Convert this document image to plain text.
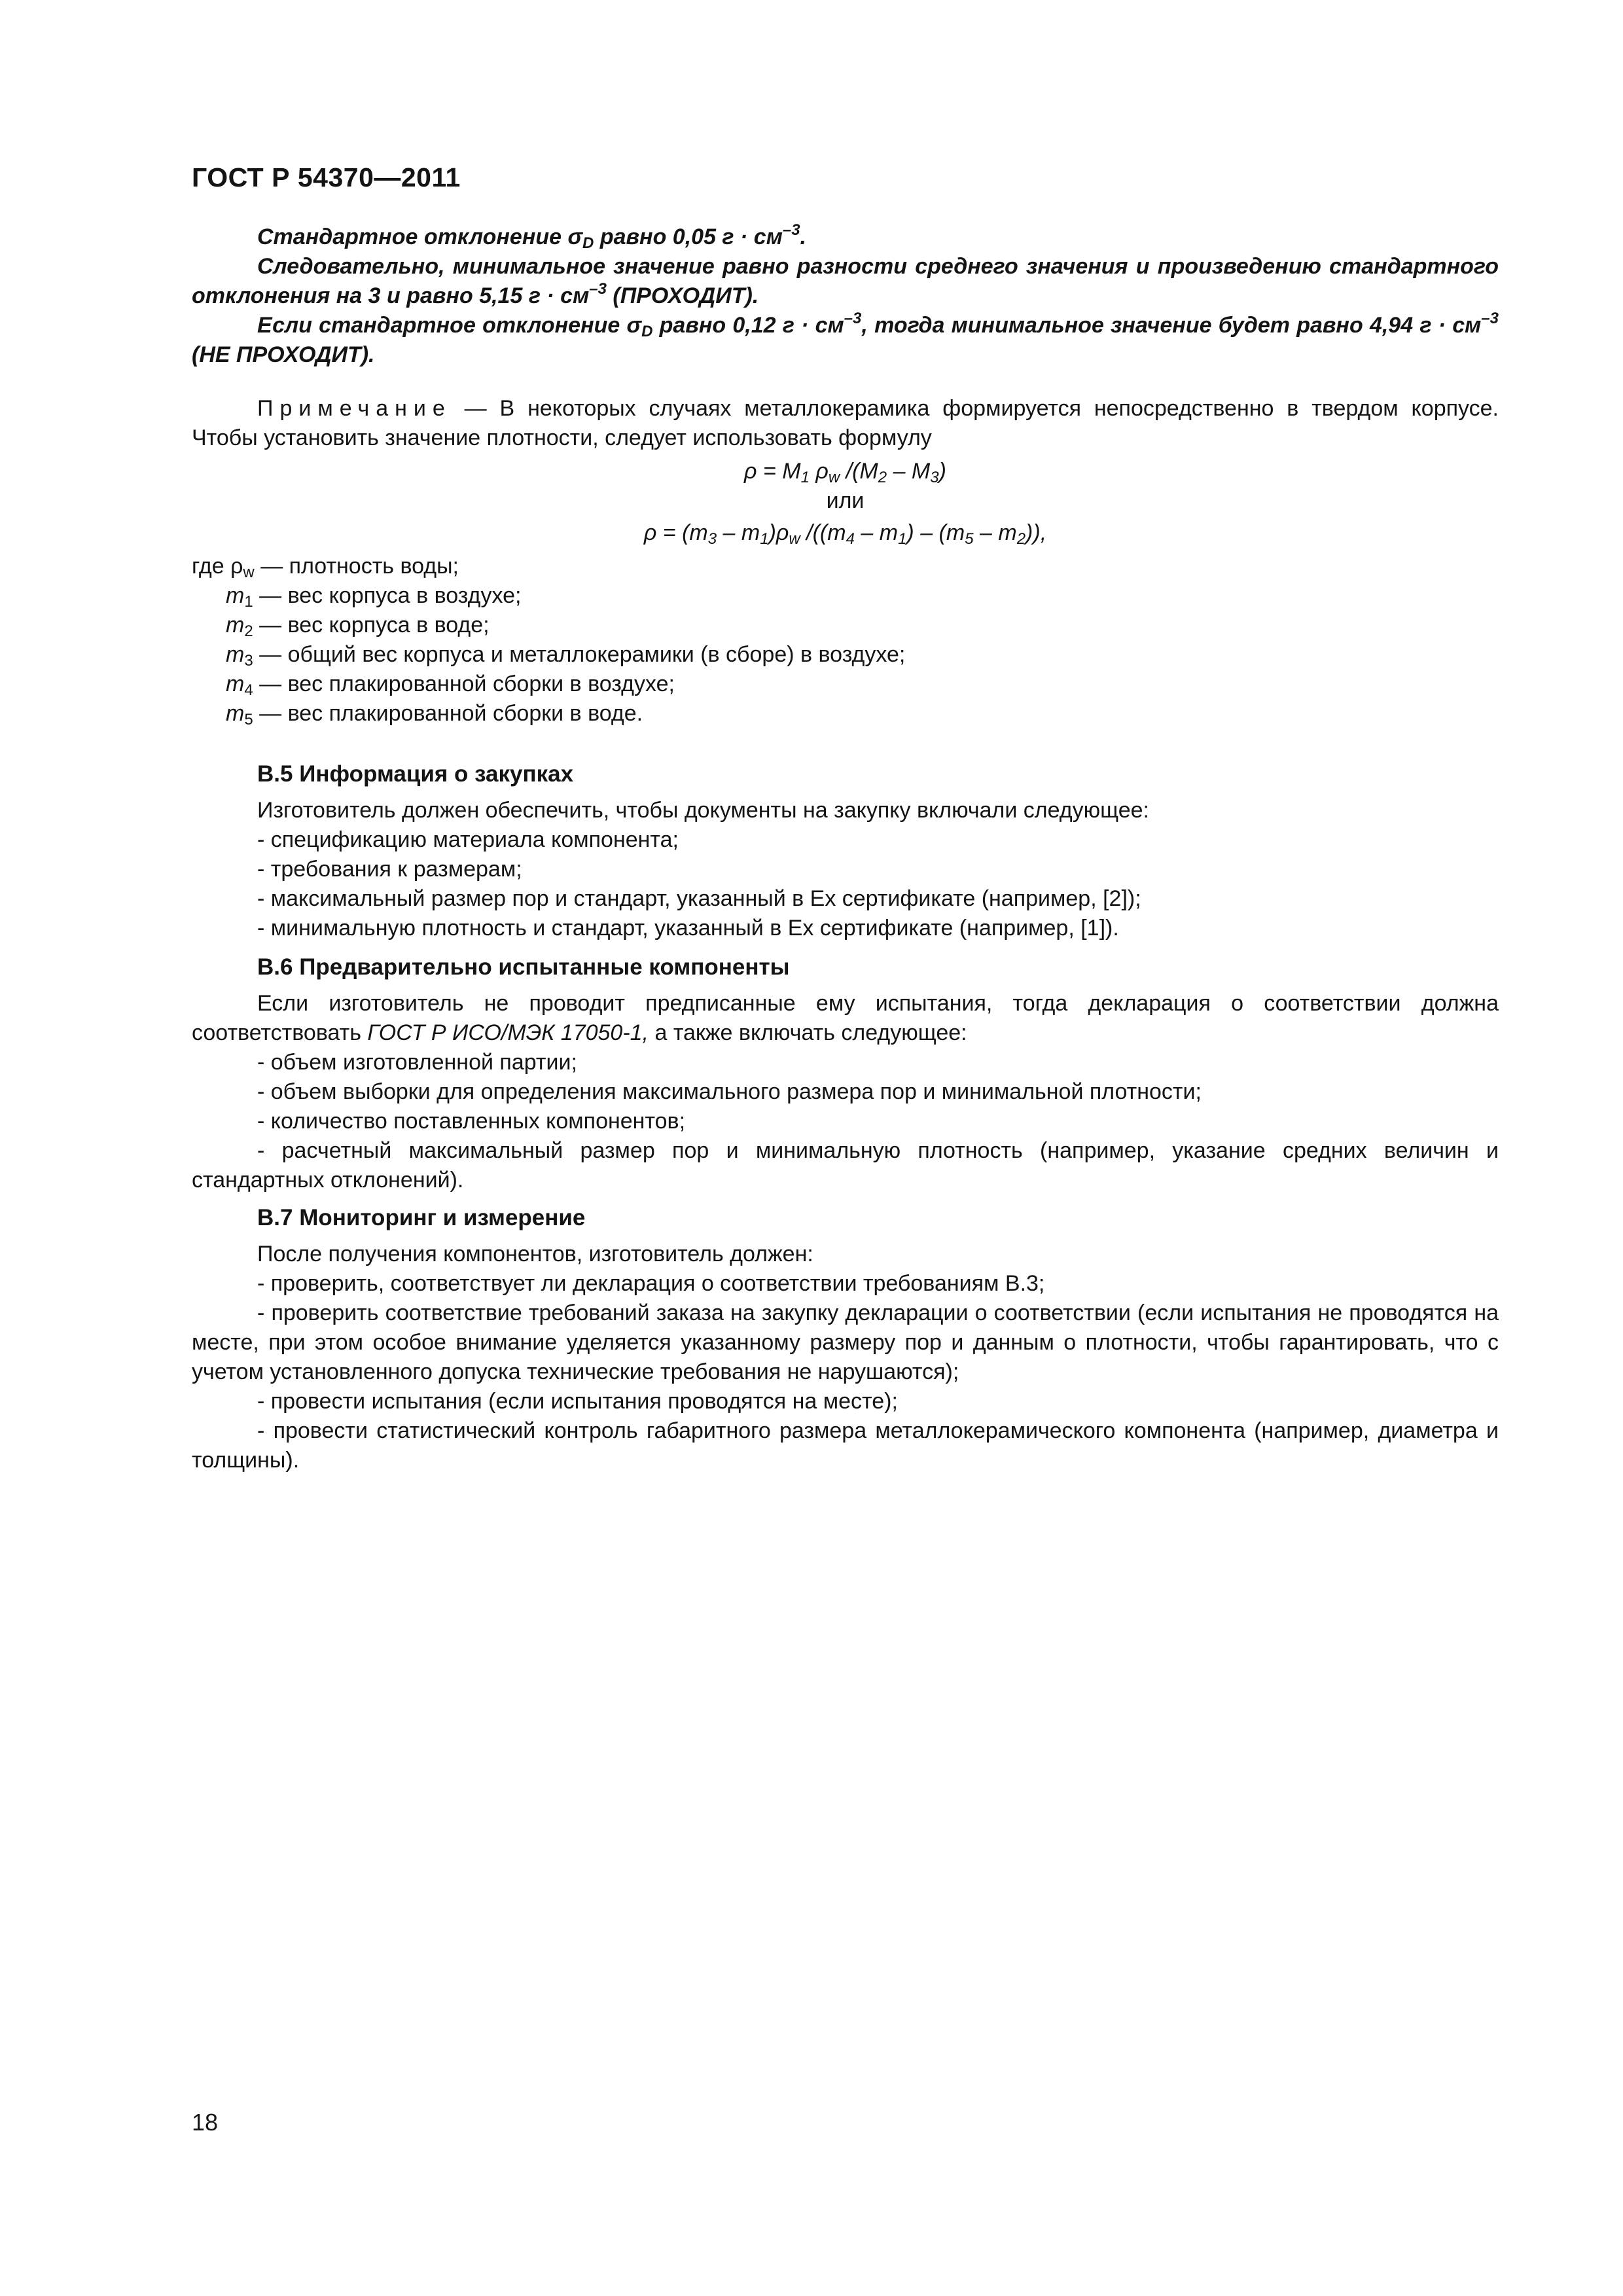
ГОСТ Р 54370—2011

Стандартное отклонение $\sigma_D$ равно 0,05 $г \cdot см^{-3}$.

Следовательно, минимальное значение равно разности среднего значения и произведению стандартного отклонения на 3 и равно 5,15 $г \cdot см^{-3}$ (ПРОХОДИТ).

Если стандартное отклонение $\sigma_D$ равно 0,12 $г \cdot см^{-3}$, тогда минимальное значение будет равно 4,94 $г \cdot см^{-3}$ (НЕ ПРОХОДИТ).

Примечание — В некоторых случаях металлокерамика формируется непосредственно в твердом корпусе. Чтобы установить значение плотности, следует использовать формулу

$\rho = M_1$ $\rho_w$ $/(M_2 - M_3)$

или

$\rho = (m_3 - m_1)\rho_w$ $/((m_4 - m_1) - (m_5 - m_2))$,

где $\rho_w$ — плотность воды;

$m_1$ — вес корпуса в воздухе;

$m_2$ — вес корпуса в воде;

$m_3$ — общий вес корпуса и металлокерамики (в сборе) в воздухе;

$m_4$ — вес плакированной сборки в воздухе;

$m_5$ — вес плакированной сборки в воде.

В.5 Информация о закупках

Изготовитель должен обеспечить, чтобы документы на закупку включали следующее:

- спецификацию материала компонента;

- требования к размерам;

- максимальный размер пор и стандарт, указанный в Ex сертификате (например, [2]);

- минимальную плотность и стандарт, указанный в Ex сертификате (например, [1]).

В.6 Предварительно испытанные компоненты

Если изготовитель не проводит предписанные ему испытания, тогда декларация о соответствии должна соответствовать ГОСТ Р ИСО/МЭК 17050-1, а также включать следующее:

- объем изготовленной партии;

- объем выборки для определения максимального размера пор и минимальной плотности;

- количество поставленных компонентов;

- расчетный максимальный размер пор и минимальную плотность (например, указание средних величин и стандартных отклонений).

В.7 Мониторинг и измерение

После получения компонентов, изготовитель должен:

- проверить, соответствует ли декларация о соответствии требованиям В.3;

- проверить соответствие требований заказа на закупку декларации о соответствии (если испытания не проводятся на месте, при этом особое внимание уделяется указанному размеру пор и данным о плотности, чтобы гарантировать, что с учетом установленного допуска технические требования не нарушаются);

- провести испытания (если испытания проводятся на месте);

- провести статистический контроль габаритного размера металлокерамического компонента (например, диаметра и толщины).

18
